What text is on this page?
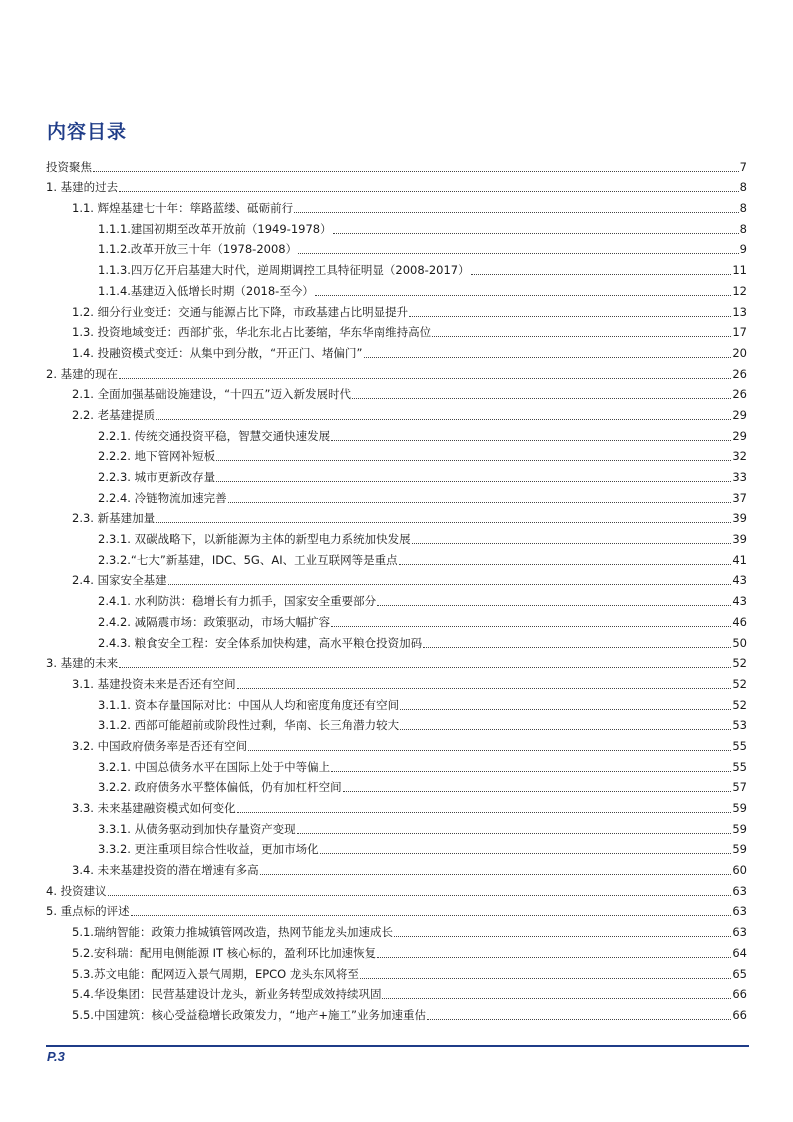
内容目录
投资聚焦	7
1. 基建的过去	8
1.1. 辉煌基建七十年：筚路蓝缕、砥砺前行	8
1.1.1.建国初期至改革开放前（1949-1978）	8
1.1.2.改革开放三十年（1978-2008）	9
1.1.3.四万亿开启基建大时代，逆周期调控工具特征明显（2008-2017）	11
1.1.4.基建迈入低增长时期（2018-至今）	12
1.2. 细分行业变迁：交通与能源占比下降，市政基建占比明显提升	13
1.3. 投资地域变迁：西部扩张，华北东北占比萎缩，华东华南维持高位	17
1.4. 投融资模式变迁：从集中到分散，“开正门、堵偏门”	20
2. 基建的现在	26
2.1. 全面加强基础设施建设，“十四五”迈入新发展时代	26
2.2. 老基建提质	29
2.2.1. 传统交通投资平稳，智慧交通快速发展	29
2.2.2. 地下管网补短板	32
2.2.3. 城市更新改存量	33
2.2.4. 冷链物流加速完善	37
2.3. 新基建加量	39
2.3.1. 双碳战略下，以新能源为主体的新型电力系统加快发展	39
2.3.2.“七大”新基建，IDC、5G、AI、工业互联网等是重点	41
2.4. 国家安全基建	43
2.4.1. 水利防洪：稳增长有力抓手，国家安全重要部分	43
2.4.2. 减隔震市场：政策驱动，市场大幅扩容	46
2.4.3. 粮食安全工程：安全体系加快构建，高水平粮仓投资加码	50
3. 基建的未来	52
3.1. 基建投资未来是否还有空间	52
3.1.1. 资本存量国际对比：中国从人均和密度角度还有空间	52
3.1.2. 西部可能超前或阶段性过剩，华南、长三角潜力较大	53
3.2. 中国政府债务率是否还有空间	55
3.2.1. 中国总债务水平在国际上处于中等偏上	55
3.2.2. 政府债务水平整体偏低，仍有加杠杆空间	57
3.3. 未来基建融资模式如何变化	59
3.3.1. 从债务驱动到加快存量资产变现	59
3.3.2. 更注重项目综合性收益，更加市场化	59
3.4. 未来基建投资的潜在增速有多高	60
4. 投资建议	63
5. 重点标的评述	63
5.1.瑞纳智能：政策力推城镇管网改造，热网节能龙头加速成长	63
5.2.安科瑞：配用电侧能源 IT 核心标的，盈利环比加速恢复	64
5.3.苏文电能：配网迈入景气周期，EPCO 龙头东风将至	65
5.4.华设集团：民营基建设计龙头，新业务转型成效持续巩固	66
5.5.中国建筑：核心受益稳增长政策发力，“地产+施工”业务加速重估	66
P.3
